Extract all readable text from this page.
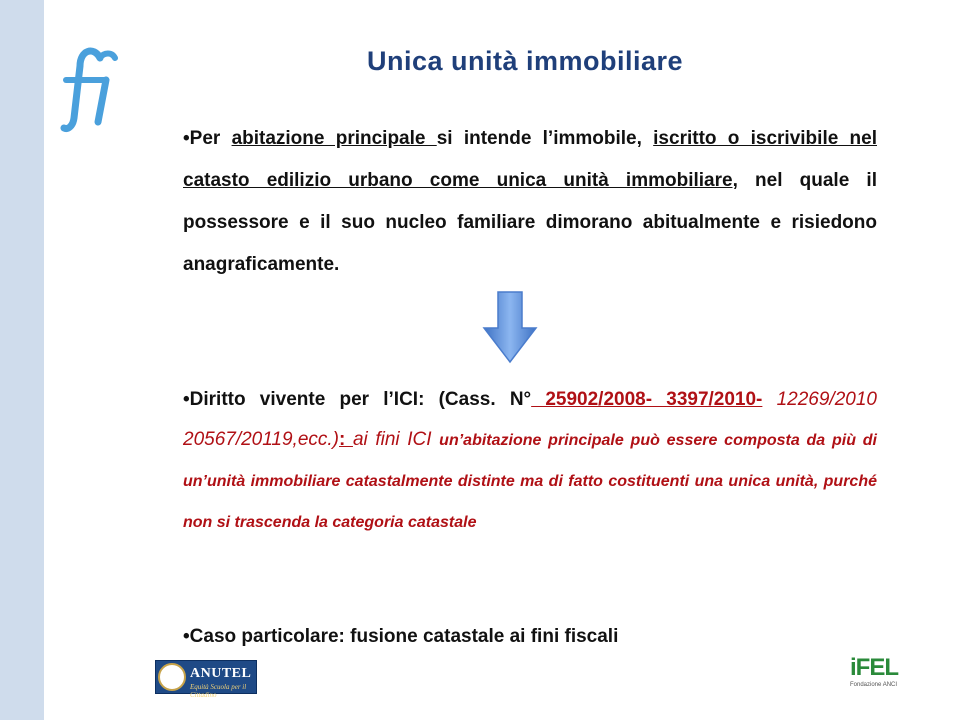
Unica unità immobiliare
•Per abitazione principale si intende l’immobile, iscritto o iscrivibile nel catasto edilizio urbano come unica unità immobiliare, nel quale il possessore e il suo nucleo familiare dimorano abitualmente e risiedono anagraficamente.
•Diritto vivente per l’ICI: (Cass. N° 25902/2008- 3397/2010- 12269/2010 20567/20119,ecc.): ai fini ICI un’abitazione principale può essere composta da più di un’unità immobiliare catastalmente distinte ma di fatto costituenti una unica unità, purché non si trascenda la categoria catastale
•Caso particolare: fusione catastale ai fini fiscali
ANUTEL
Equità Scuola per il Cittadino
iFEL
Fondazione ANCI
